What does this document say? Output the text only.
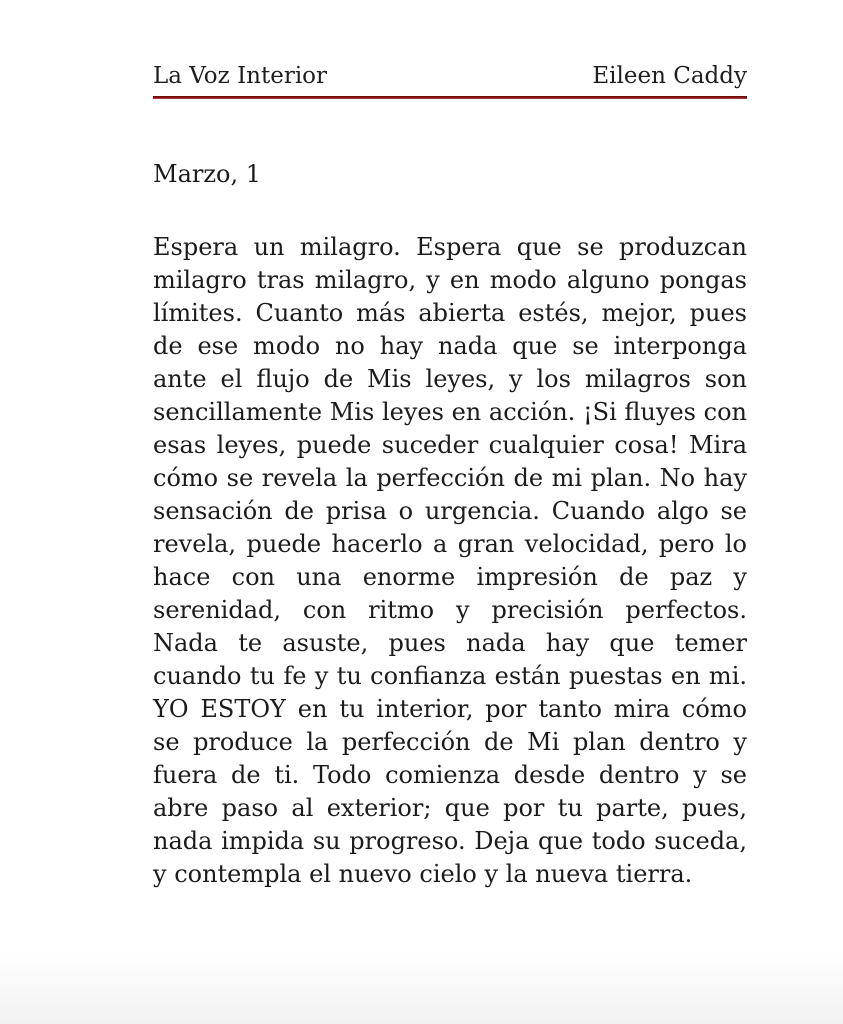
La Voz Interior	Eileen Caddy
Marzo, 1

Espera un milagro. Espera que se produzcan milagro tras milagro, y en modo alguno pongas límites. Cuanto más abierta estés, mejor, pues de ese modo no hay nada que se interponga ante el flujo de Mis leyes, y los milagros son sencillamente Mis leyes en acción. ¡Si fluyes con esas leyes, puede suceder cualquier cosa! Mira cómo se revela la perfección de mi plan. No hay sensación de prisa o urgencia. Cuando algo se revela, puede hacerlo a gran velocidad, pero lo hace con una enorme impresión de paz y serenidad, con ritmo y precisión perfectos. Nada te asuste, pues nada hay que temer cuando tu fe y tu confianza están puestas en mi. YO ESTOY en tu interior, por tanto mira cómo se produce la perfección de Mi plan dentro y fuera de ti. Todo comienza desde dentro y se abre paso al exterior; que por tu parte, pues, nada impida su progreso. Deja que todo suceda, y contempla el nuevo cielo y la nueva tierra.
